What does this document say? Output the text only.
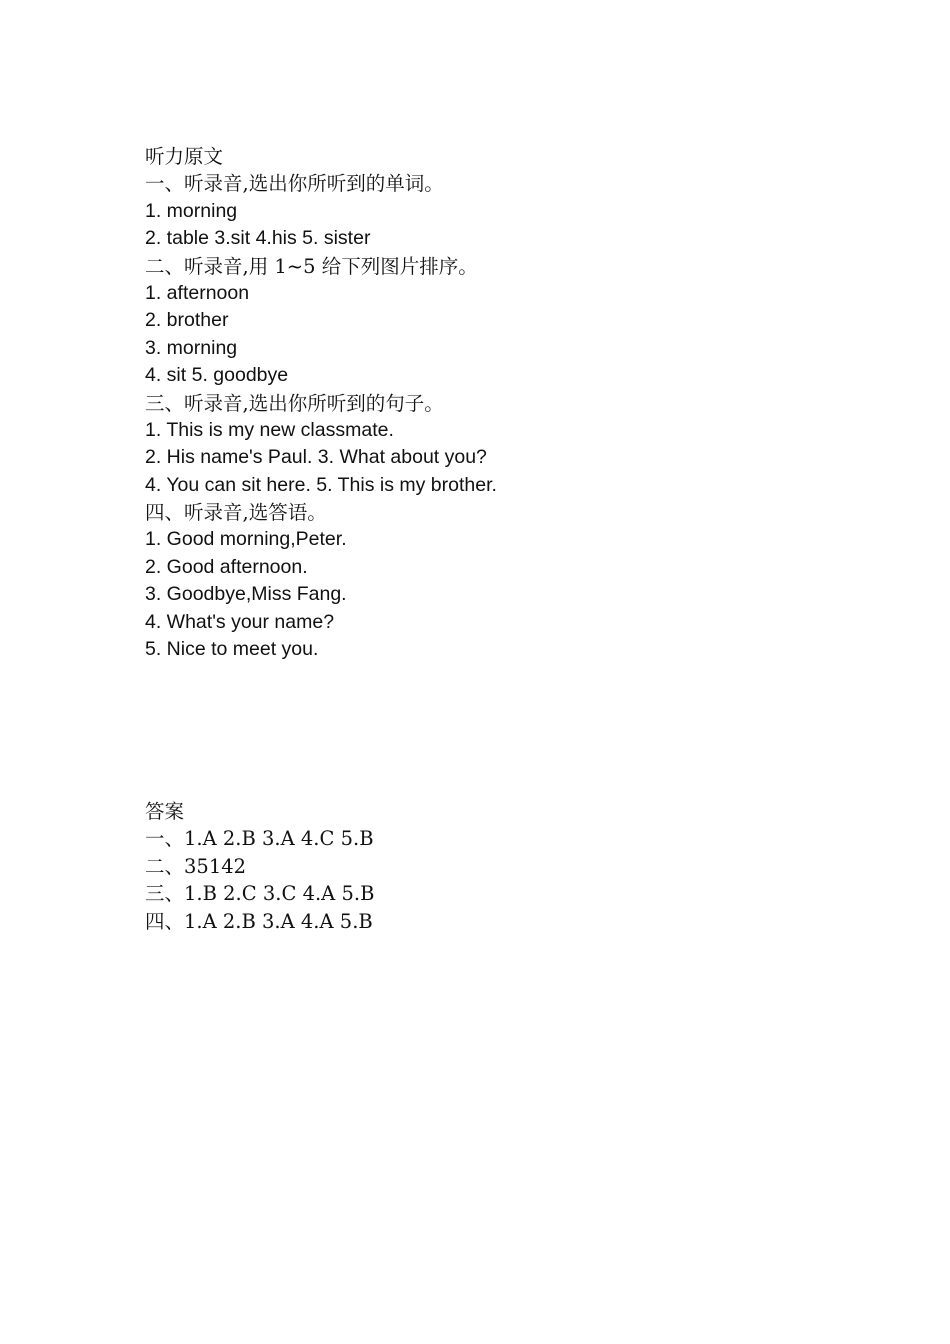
听力原文
一、听录音,选出你所听到的单词。
1. morning
2. table 3.sit 4.his 5. sister
二、听录音,用 1~5 给下列图片排序。
1. afternoon
2. brother
3. morning
4. sit 5. goodbye
三、听录音,选出你所听到的句子。
1. This is my new classmate.
2. His name's Paul. 3. What about you?
4. You can sit here. 5. This is my brother.
四、听录音,选答语。
1. Good morning,Peter.
2. Good afternoon.
3. Goodbye,Miss Fang.
4. What's your name?
5. Nice to meet you.
答案
一、1.A 2.B 3.A 4.C 5.B
二、35142
三、1.B 2.C 3.C 4.A 5.B
四、1.A 2.B 3.A 4.A 5.B
